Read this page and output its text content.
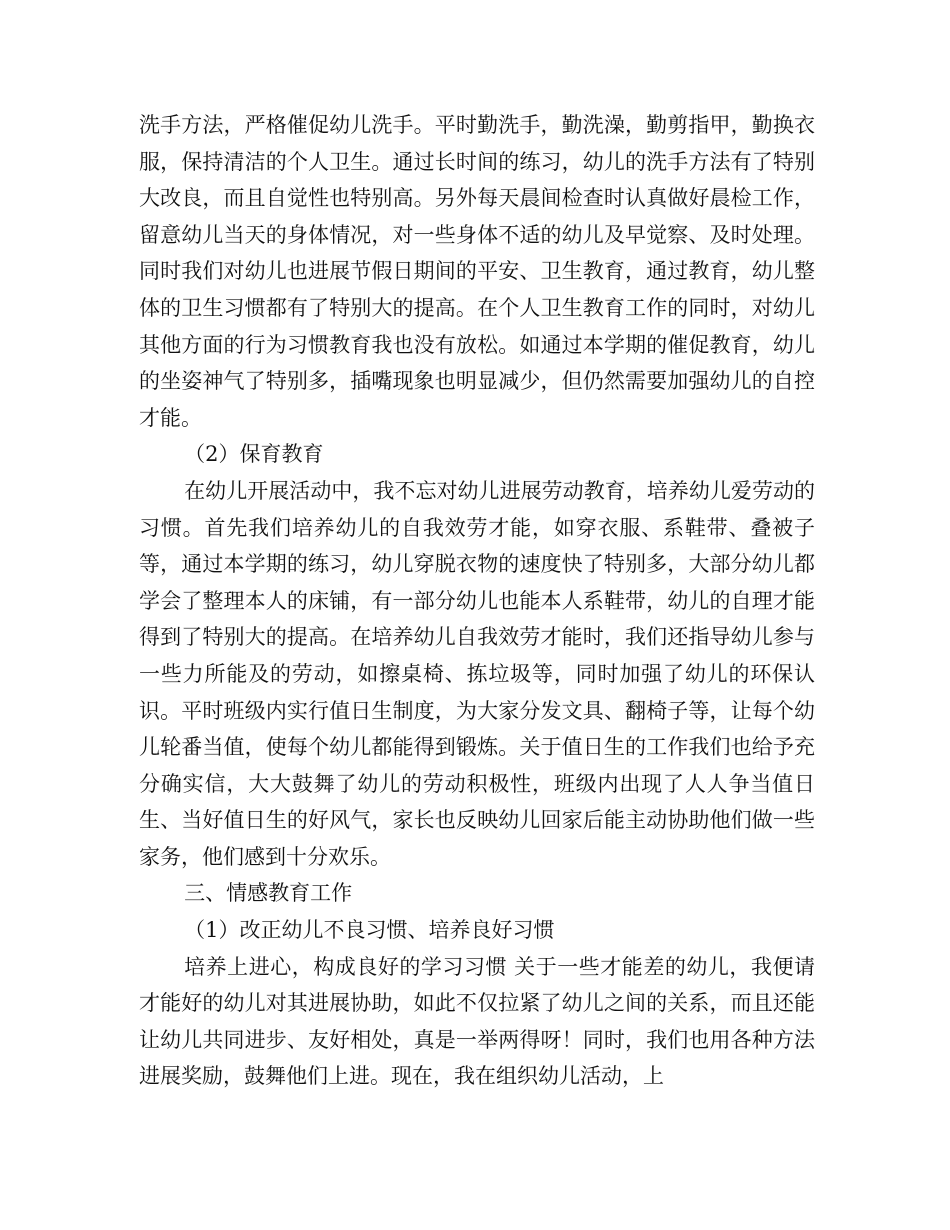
洗手方法，严格催促幼儿洗手。平时勤洗手，勤洗澡，勤剪指甲，勤换衣服，保持清洁的个人卫生。通过长时间的练习，幼儿的洗手方法有了特别大改良，而且自觉性也特别高。另外每天晨间检查时认真做好晨检工作，留意幼儿当天的身体情况，对一些身体不适的幼儿及早觉察、及时处理。同时我们对幼儿也进展节假日期间的平安、卫生教育，通过教育，幼儿整体的卫生习惯都有了特别大的提高。在个人卫生教育工作的同时，对幼儿其他方面的行为习惯教育我也没有放松。如通过本学期的催促教育，幼儿的坐姿神气了特别多，插嘴现象也明显减少，但仍然需要加强幼儿的自控才能。

（2）保育教育

在幼儿开展活动中，我不忘对幼儿进展劳动教育，培养幼儿爱劳动的习惯。首先我们培养幼儿的自我效劳才能，如穿衣服、系鞋带、叠被子等，通过本学期的练习，幼儿穿脱衣物的速度快了特别多，大部分幼儿都学会了整理本人的床铺，有一部分幼儿也能本人系鞋带，幼儿的自理才能得到了特别大的提高。在培养幼儿自我效劳才能时，我们还指导幼儿参与一些力所能及的劳动，如擦桌椅、拣垃圾等，同时加强了幼儿的环保认识。平时班级内实行值日生制度，为大家分发文具、翻椅子等，让每个幼儿轮番当值，使每个幼儿都能得到锻炼。关于值日生的工作我们也给予充分确实信，大大鼓舞了幼儿的劳动积极性，班级内出现了人人争当值日生、当好值日生的好风气，家长也反映幼儿回家后能主动协助他们做一些家务，他们感到十分欢乐。

三、情感教育工作

（1）改正幼儿不良习惯、培养良好习惯

培养上进心，构成良好的学习习惯 关于一些才能差的幼儿，我便请才能好的幼儿对其进展协助，如此不仅拉紧了幼儿之间的关系，而且还能让幼儿共同进步、友好相处，真是一举两得呀！同时，我们也用各种方法进展奖励，鼓舞他们上进。现在，我在组织幼儿活动，上
